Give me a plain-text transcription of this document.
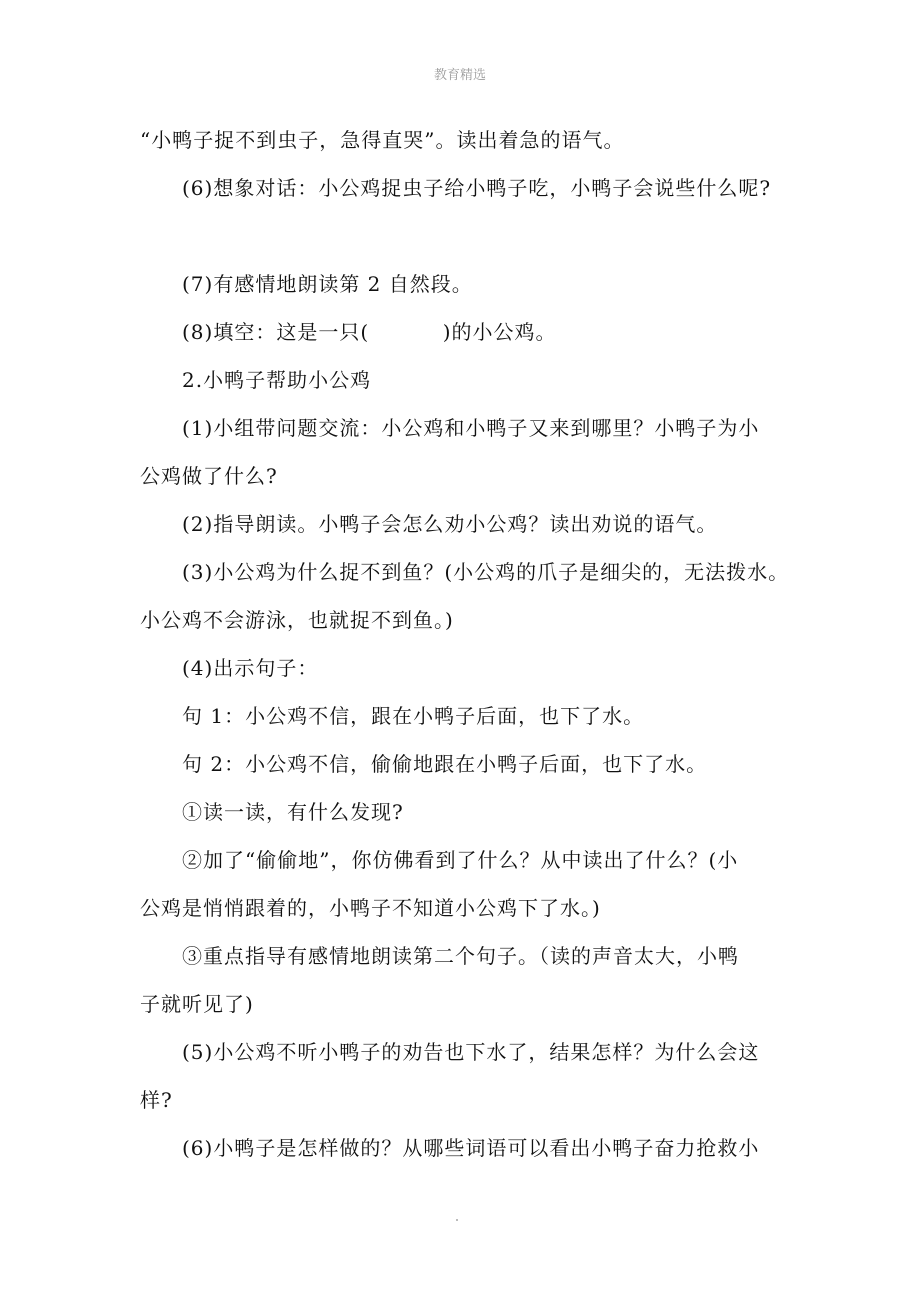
教育精选
“小鸭子捉不到虫子，急得直哭”。读出着急的语气。
(6)想象对话：小公鸡捉虫子给小鸭子吃，小鸭子会说些什么呢?
(7)有感情地朗读第 2 自然段。
(8)填空：这是一只(          )的小公鸡。
2.小鸭子帮助小公鸡
(1)小组带问题交流：小公鸡和小鸭子又来到哪里？小鸭子为小
公鸡做了什么?
(2)指导朗读。小鸭子会怎么劝小公鸡？读出劝说的语气。
(3)小公鸡为什么捉不到鱼？(小公鸡的爪子是细尖的，无法拨水。
小公鸡不会游泳，也就捉不到鱼。)
(4)出示句子：
句 1：小公鸡不信，跟在小鸭子后面，也下了水。
句 2：小公鸡不信，偷偷地跟在小鸭子后面，也下了水。
①读一读，有什么发现?
②加了“偷偷地”，你仿佛看到了什么？从中读出了什么？(小
公鸡是悄悄跟着的，小鸭子不知道小公鸡下了水。)
③重点指导有感情地朗读第二个句子。（读的声音太大，小鸭
子就听见了)
(5)小公鸡不听小鸭子的劝告也下水了，结果怎样？为什么会这
样?
(6)小鸭子是怎样做的？从哪些词语可以看出小鸭子奋力抢救小
